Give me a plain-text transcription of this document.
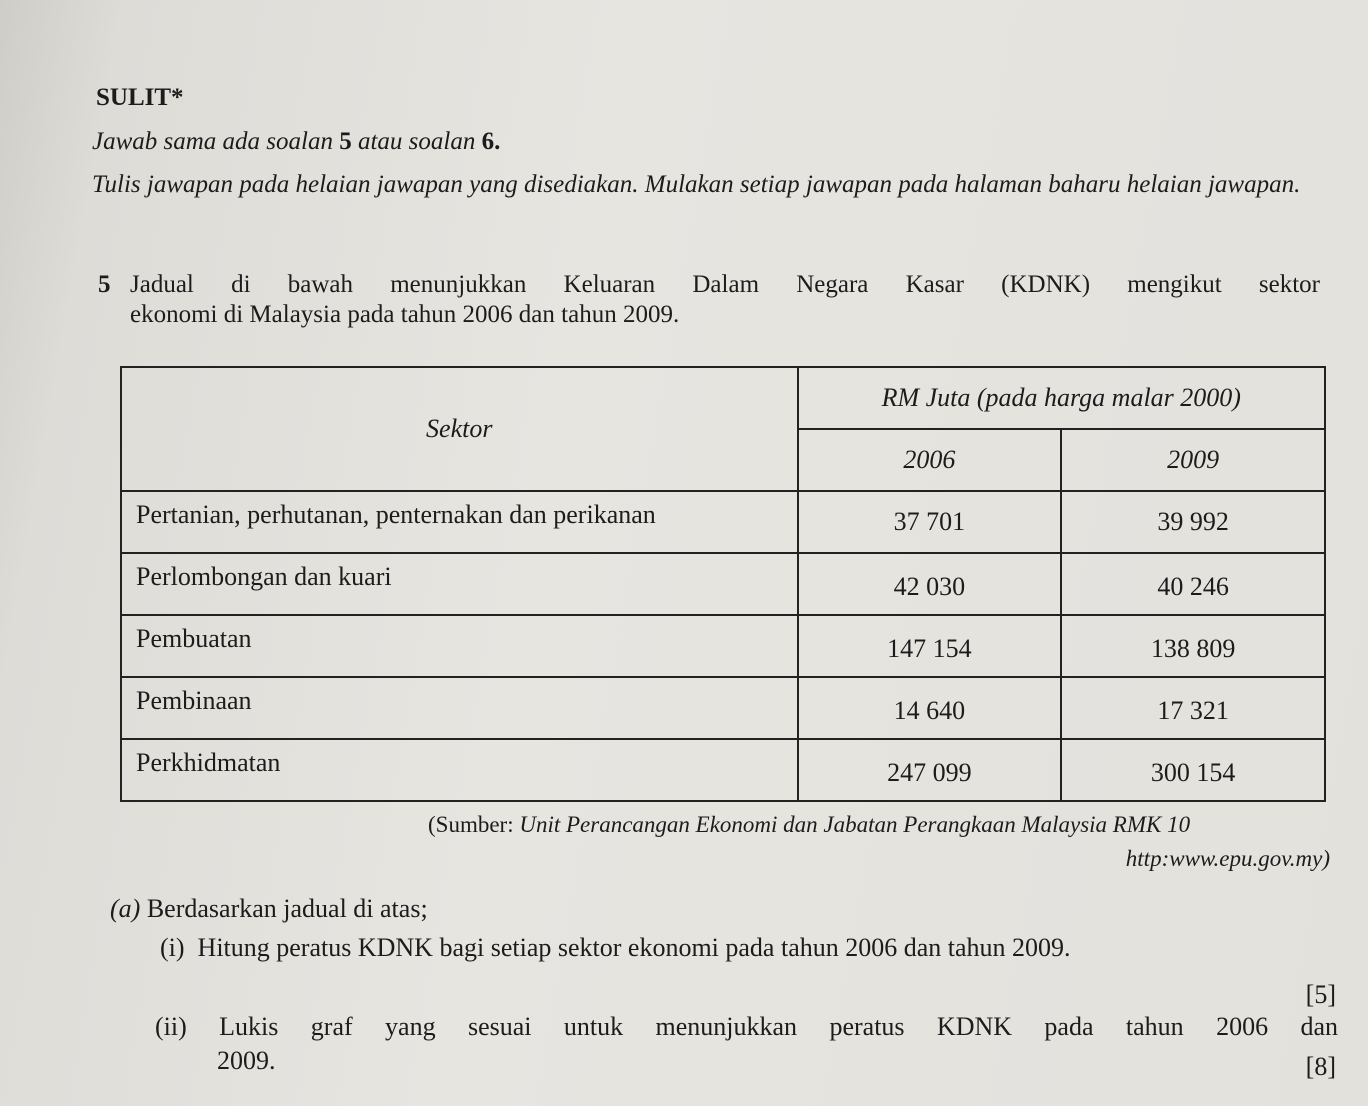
SULIT*
Jawab sama ada soalan 5 atau soalan 6.
Tulis jawapan pada helaian jawapan yang disediakan. Mulakan setiap jawapan pada halaman baharu helaian jawapan.
5 Jadual di bawah menunjukkan Keluaran Dalam Negara Kasar (KDNK) mengikut sektor
ekonomi di Malaysia pada tahun 2006 dan tahun 2009.
Sektor	RM Juta (pada harga malar 2000)	
	2006	2009
Pertanian, perhutanan, penternakan dan perikanan	37 701	39 992
Perlombongan dan kuari	42 030	40 246
Pembuatan	147 154	138 809
Pembinaan	14 640	17 321
Perkhidmatan	247 099	300 154
(Sumber: Unit Perancangan Ekonomi dan Jabatan Perangkaan Malaysia RMK 10
http:www.epu.gov.my)
(a) Berdasarkan jadual di atas;
(i) Hitung peratus KDNK bagi setiap sektor ekonomi pada tahun 2006 dan tahun 2009.
[5]
(ii) Lukis graf yang sesuai untuk menunjukkan peratus KDNK pada tahun 2006 dan
2009.	[8]
